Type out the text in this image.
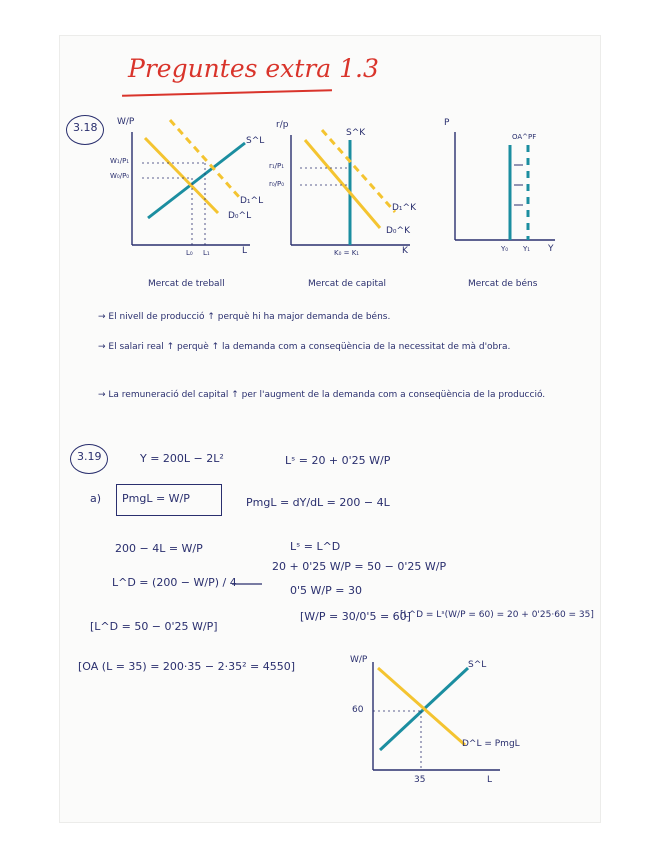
Preguntes extra 1.3
3.18 W/P
S^L
D₁^L
D₀^L
W₁/P₁
W₀/P₀
L₀ L₁	L
Mercat de treball
r/p
S^K
D₁^K
D₀^K
r₁/P₁
r₀/P₀
K₀ = K₁	K
Mercat de capital
P
OA^PF
Y₀ Y₁ Y
Mercat de béns
→ El nivell de producció ↑ perquè hi ha major demanda de béns.
→ El salari real ↑ perquè ↑ la demanda com a conseqüència de la necessitat de mà d'obra.
→ La remuneració del capital ↑ per l'augment de la demanda com a conseqüència de la producció.
3.19	Y = 200L − 2L²	Lˢ = 20 + 0'25 W/P
a) PmgL = W/P	PmgL = dY/dL = 200 − 4L
200 − 4L = W/P
L^D = (200 − W/P) / 4
[L^D = 50 − 0'25 W/P]
Lˢ = L^D
20 + 0'25 W/P = 50 − 0'25 W/P
0'5 W/P = 30
[W/P = 30/0'5 = 60]
[L^D = Lˢ(W/P = 60) = 20 + 0'25·60 = 35]
[OA (L = 35) = 200·35 − 2·35² = 4550]	W/P	S^L
60
D^L = PmgL
35	L
